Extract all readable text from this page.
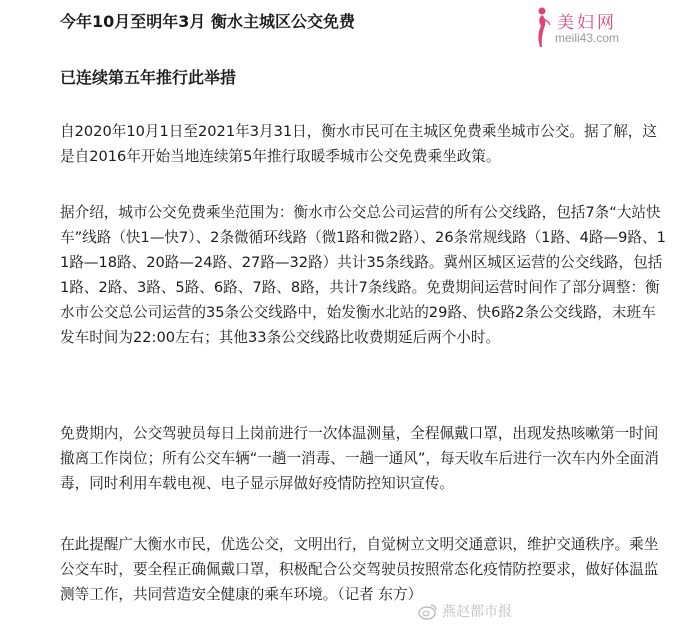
今年10月至明年3月 衡水主城区公交免费	美妇网
meili43.com
已连续第五年推行此举措

自2020年10月1日至2021年3月31日，衡水市民可在主城区免费乘坐城市公交。据了解，这是自2016年开始当地连续第5年推行取暖季城市公交免费乘坐政策。

据介绍，城市公交免费乘坐范围为：衡水市公交总公司运营的所有公交线路，包括7条“大站快车”线路（快1—快7）、2条微循环线路（微1路和微2路）、26条常规线路（1路、4路—9路、11路—18路、20路—24路、27路—32路）共计35条线路。冀州区城区运营的公交线路，包括1路、2路、3路、5路、6路、7路、8路，共计7条线路。免费期间运营时间作了部分调整：衡水市公交总公司运营的35条公交线路中，始发衡水北站的29路、快6路2条公交线路，末班车发车时间为22:00左右；其他33条公交线路比收费期延后两个小时。

免费期内，公交驾驶员每日上岗前进行一次体温测量，全程佩戴口罩，出现发热咳嗽第一时间撤离工作岗位；所有公交车辆“一趟一消毒、一趟一通风”，每天收车后进行一次车内外全面消毒，同时利用车载电视、电子显示屏做好疫情防控知识宣传。

在此提醒广大衡水市民，优选公交，文明出行，自觉树立文明交通意识，维护交通秩序。乘坐公交车时，要全程正确佩戴口罩，积极配合公交驾驶员按照常态化疫情防控要求，做好体温监测等工作，共同营造安全健康的乘车环境。（记者 东方）

燕赵都市报
